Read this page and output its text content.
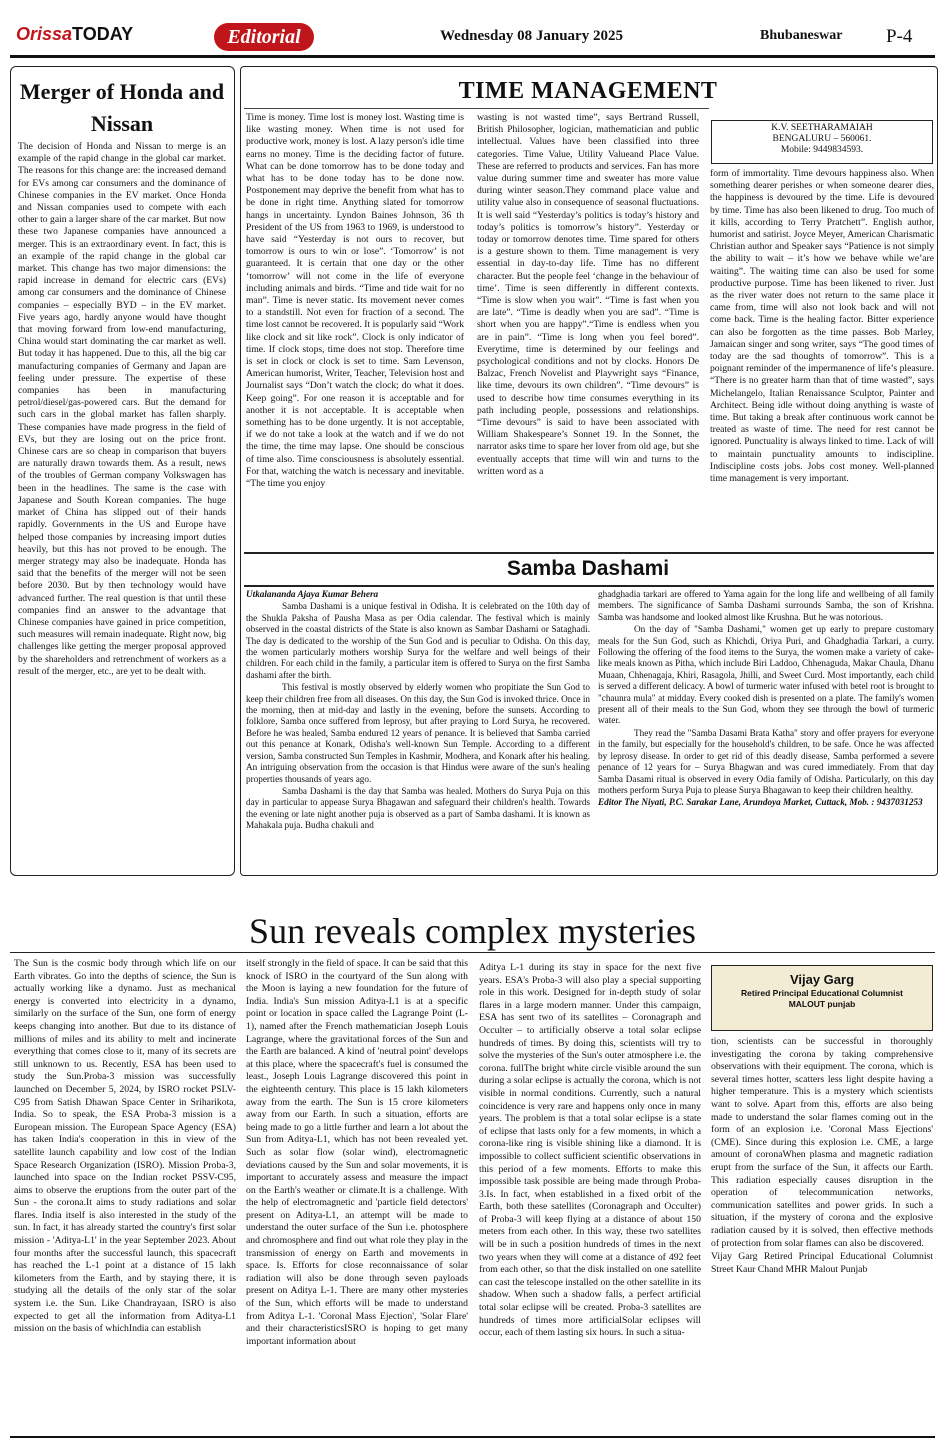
OrissaTODAY	Editorial	Wednesday 08 January 2025	Bhubaneswar P-4
Merger of Honda and Nissan

The decision of Honda and Nissan to merge is an example of the rapid change in the global car market. The reasons for this change are: the increased demand for EVs among car consumers and the dominance of Chinese companies in the EV market. Once Honda and Nissan companies used to compete with each other to gain a larger share of the car market. But now these two Japanese companies have announced a merger. This is an extraordinary event. In fact, this is an example of the rapid change in the global car market. This change has two major dimensions: the rapid increase in demand for electric cars (EVs) among car consumers and the dominance of Chinese companies – especially BYD – in the EV market. Five years ago, hardly anyone would have thought that moving forward from low-end manufacturing, China would start dominating the car market as well. But today it has happened. Due to this, all the big car manufacturing companies of Germany and Japan are feeling under pressure. The expertise of these companies has been in manufacturing petrol/diesel/gas-powered cars. But the demand for such cars in the global market has fallen sharply. These companies have made progress in the field of EVs, but they are losing out on the price front. Chinese cars are so cheap in comparison that buyers are naturally drawn towards them. As a result, news of the troubles of German company Volkswagen has been in the headlines. The same is the case with Japanese and South Korean companies. The huge market of China has slipped out of their hands rapidly. Governments in the US and Europe have helped those companies by increasing import duties heavily, but this has not proved to be enough. The merger strategy may also be inadequate. Honda has said that the benefits of the merger will not be seen before 2030. But by then technology would have advanced further. The real question is that until these companies find an answer to the advantage that Chinese companies have gained in price competition, such measures will remain inadequate. Right now, big challenges like getting the merger proposal approved by the shareholders and retrenchment of workers as a result of the merger, etc., are yet to be dealt with.

TIME MANAGEMENT
K.V. SEETHARAMAIAH
BENGALURU – 560061.
Mobile: 9449834593.

Time is money. Time lost is money lost. Wasting time is like wasting money. When time is not used for productive work, money is lost. A lazy person's idle time earns no money. Time is the deciding factor of future. What can be done tomorrow has to be done today and what has to be done today has to be done now. Postponement may deprive the benefit from what has to be done in right time. Anything slated for tomorrow hangs in uncertainty. Lyndon Baines Johnson, 36 th President of the US from 1963 to 1969, is understood to have said “Yesterday is not ours to recover, but tomorrow is ours to win or lose”. ‘Tomorrow’ is not guaranteed. It is certain that one day or the other ‘tomorrow’ will not come in the life of everyone including animals and birds. “Time and tide wait for no man”. Time is never static. Its movement never comes to a standstill. Not even for fraction of a second. The time lost cannot be recovered. It is popularly said “Work like clock and sit like rock”. Clock is only indicator of time. If clock stops, time does not stop. Therefore time is set in clock or clock is set to time. Sam Levenson, American humorist, Writer, Teacher, Television host and Journalist says “Don’t watch the clock; do what it does. Keep going”. For one reason it is acceptable and for another it is not acceptable. It is acceptable when something has to be done urgently. It is not acceptable, if we do not take a look at the watch and if we do not the time, the time may lapse. One should be conscious of time also. Time consciousness is absolutely essential. For that, watching the watch is necessary and inevitable. “The time you enjoy

wasting is not wasted time”, says Bertrand Russell, British Philosopher, logician, mathematician and public intellectual. Values have been classified into three categories. Time Value, Utility Valueand Place Value. These are referred to products and services. Fan has more value during summer time and sweater has more value during winter season.They command place value and utility value also in consequence of seasonal fluctuations. It is well said “Yesterday’s politics is today’s history and today’s politics is tomorrow’s history”. Yesterday or today or tomorrow denotes time. Time spared for others is a gesture shown to them. Time management is very essential in day-to-day life. Time has no different character. But the people feel ‘change in the behaviour of time’. Time is seen differently in different contexts. “Time is slow when you wait”. “Time is fast when you are late”. “Time is deadly when you are sad”. “Time is short when you are happy”.“Time is endless when you are in pain”. “Time is long when you feel bored”. Everytime, time is determined by our feelings and psychological conditions and not by clocks. Honors De Balzac, French Novelist and Playwright says “Finance, like time, devours its own children”. “Time devours” is used to describe how time consumes everything in its path including people, possessions and relationships. “Time devours” is said to have been associated with William Shakespeare’s Sonnet 19. In the Sonnet, the narrator asks time to spare her lover from old age, but she eventually accepts that time will win and turns to the written word as a

form of immortality. Time devours happiness also. When something dearer perishes or when someone dearer dies, the happiness is devoured by the time. Life is devoured by time. Time has also been likened to drug. Too much of it kills, according to Terry Pratchett”. English author, humorist and satirist. Joyce Meyer, American Charismatic Christian author and Speaker says “Patience is not simply the ability to wait – it’s how we behave while we’are waiting”. The waiting time can also be used for some productive purpose. Time has been likened to river. Just as the river water does not return to the same place it came from, time will also not look back and will not come back. Time is the healing factor. Bitter experience can also be forgotten as the time passes. Bob Marley, Jamaican singer and song writer, says “The good times of today are the sad thoughts of tomorrow”. This is a poignant reminder of the impermanence of life’s pleasure. “There is no greater harm than that of time wasted”, says Michelangelo, Italian Renaissance Sculptor, Painter and Architect. Being idle without doing anything is waste of time. But taking a break after continuous work cannot be treated as waste of time. The need for rest cannot be ignored. Punctuality is always linked to time. Lack of will to maintain punctuality amounts to indiscipline. Indiscipline costs jobs. Jobs cost money. Well-planned time management is very important.

Samba Dashami

Utkalananda Ajaya Kumar Behera

Samba Dashami is a unique festival in Odisha. It is celebrated on the 10th day of the Shukla Paksha of Pausha Masa as per Odia calendar. The festival which is mainly observed in the coastal districts of the State is also known as Sambar Dashami or Sataghadi. The day is dedicated to the worship of the Sun God and is peculiar to Odisha. On this day, the women particularly mothers worship Surya for the welfare and well beings of their children. For each child in the family, a particular item is offered to Surya on the first Samba dashami after the birth.

This festival is mostly observed by elderly women who propitiate the Sun God to keep their children free from all diseases. On this day, the Sun God is invoked thrice. Once in the morning, then at mid-day and lastly in the evening, before the sunsets. According to folklore, Samba once suffered from leprosy, but after praying to Lord Surya, he recovered. Before he was healed, Samba endured 12 years of penance. It is believed that Samba carried out this penance at Konark, Odisha's well-known Sun Temple. According to a different version, Samba constructed Sun Temples in Kashmir, Modhera, and Konark after his healing. An intriguing observation from the occasion is that Hindus were aware of the sun's healing properties thousands of years ago.

Samba Dashami is the day that Samba was healed. Mothers do Surya Puja on this day in particular to appease Surya Bhagawan and safeguard their children's health. Towards the evening or late night another puja is observed as a part of Samba dashami. It is known as Mahakala puja. Budha chakuli and

ghadghadia tarkari are offered to Yama again for the long life and wellbeing of all family members. The significance of Samba Dashami surrounds Samba, the son of Krishna. Samba was handsome and looked almost like Krushna. But he was notorious.

On the day of "Samba Dashami," women get up early to prepare customary meals for the Sun God, such as Khichdi, Oriya Puri, and Ghadghadia Tarkari, a curry. Following the offering of the food items to the Surya, the women make a variety of cake-like meals known as Pitha, which include Biri Laddoo, Chhenaguda, Makar Chaula, Dhanu Muaan, Chhenagaja, Khiri, Rasagola, Jhilli, and Sweet Curd. Most importantly, each child is served a different delicacy. A bowl of turmeric water infused with betel root is brought to "chaunra mula" at midday. Every cooked dish is presented on a plate. The family's women present all of their meals to the Sun God, whom they see through the bowl of turmeric water.

They read the "Samba Dasami Brata Katha" story and offer prayers for everyone in the family, but especially for the household's children, to be safe. Once he was affected by leprosy disease. In order to get rid of this deadly disease, Samba performed a severe penance of 12 years for – Surya Bhagwan and was cured immediately. From that day Samba Dasami ritual is observed in every Odia family of Odisha. Particularly, on this day mothers perform Surya Puja to please Surya Bhagawan to keep their children healthy.

Editor The Niyati, P.C. Sarakar Lane, Arundoya Market, Cuttack, Mob. : 9437031253

Sun reveals complex mysteries

The Sun is the cosmic body through which life on our Earth vibrates. Go into the depths of science, the Sun is actually working like a dynamo. Just as mechanical energy is converted into electricity in a dynamo, similarly on the surface of the Sun, one form of energy keeps changing into another. But due to its distance of millions of miles and its ability to melt and incinerate everything that comes close to it, many of its secrets are still unknown to us. Recently, ESA has been used to study the Sun.Proba-3 mission was successfully launched on December 5, 2024, by ISRO rocket PSLV-C95 from Satish Dhawan Space Center in Sriharikota, India. So to speak, the ESA Proba-3 mission is a European mission. The European Space Agency (ESA) has taken India's cooperation in this in view of the satellite launch capability and low cost of the Indian Space Research Organization (ISRO). Mission Proba-3, launched into space on the Indian rocket PSSV-C95, aims to observe the eruptions from the outer part of the Sun - the corona.It aims to study radiations and solar flares. India itself is also interested in the study of the sun. In fact, it has already started the country's first solar mission - 'Aditya-L1' in the year September 2023. About four months after the successful launch, this spacecraft has reached the L-1 point at a distance of 15 lakh kilometers from the Earth, and by staying there, it is studying all the details of the only star of the solar system i.e. the Sun. Like Chandrayaan, ISRO is also expected to get all the information from Aditya-L1 mission on the basis of whichIndia can establish

itself strongly in the field of space. It can be said that this knock of ISRO in the courtyard of the Sun along with the Moon is laying a new foundation for the future of India. India's Sun mission Aditya-L1 is at a specific point or location in space called the Lagrange Point (L-1), named after the French mathematician Joseph Louis Lagrange, where the gravitational forces of the Sun and the Earth are balanced. A kind of 'neutral point' develops at this place, where the spacecraft's fuel is consumed the least., Joseph Louis Lagrange discovered this point in the eighteenth century. This place is 15 lakh kilometers away from the earth. The Sun is 15 crore kilometers away from our Earth. In such a situation, efforts are being made to go a little further and learn a lot about the Sun from Aditya-L1, which has not been revealed yet. Such as solar flow (solar wind), electromagnetic deviations caused by the Sun and solar movements, it is important to accurately assess and measure the impact on the Earth's weather or climate.It is a challenge. With the help of electromagnetic and 'particle field detectors' present on Aditya-L1, an attempt will be made to understand the outer surface of the Sun i.e. photosphere and chromosphere and find out what role they play in the transmission of energy on Earth and movements in space. Is. Efforts for close reconnaissance of solar radiation will also be done through seven payloads present on Aditya L-1. There are many other mysteries of the Sun, which efforts will be made to understand from Aditya L-1. 'Coronal Mass Ejection', 'Solar Flare' and their characteristicsISRO is hoping to get many important information about

Aditya L-1 during its stay in space for the next five years. ESA's Proba-3 will also play a special supporting role in this work. Designed for in-depth study of solar flares in a large modern manner. Under this campaign, ESA has sent two of its satellites – Coronagraph and Occulter – to artificially observe a total solar eclipse hundreds of times. By doing this, scientists will try to solve the mysteries of the Sun's outer atmosphere i.e. the corona. fullThe bright white circle visible around the sun during a solar eclipse is actually the corona, which is not visible in normal conditions. Currently, such a natural coincidence is very rare and happens only once in many years. The problem is that a total solar eclipse is a state of eclipse that lasts only for a few moments, in which a corona-like ring is visible shining like a diamond. It is impossible to collect sufficient scientific observations in this period of a few moments. Efforts to make this impossible task possible are being made through Proba-3.Is. In fact, when established in a fixed orbit of the Earth, both these satellites (Coronagraph and Occulter) of Proba-3 will keep flying at a distance of about 150 meters from each other. In this way, these two satellites will be in such a position hundreds of times in the next two years when they will come at a distance of 492 feet from each other, so that the disk installed on one satellite can cast the telescope installed on the other satellite in its shadow. When such a shadow falls, a perfect artificial total solar eclipse will be created. Proba-3 satellites are hundreds of times more artificialSolar eclipses will occur, each of them lasting six hours. In such a situa-

Vijay Garg
Retired Principal Educational Columnist
MALOUT punjab

tion, scientists can be successful in thoroughly investigating the corona by taking comprehensive observations with their equipment. The corona, which is several times hotter, scatters less light despite having a higher temperature. This is a mystery which scientists want to solve. Apart from this, efforts are also being made to understand the solar flames coming out in the form of an explosion i.e. 'Coronal Mass Ejections' (CME). Since during this explosion i.e. CME, a large amount of coronaWhen plasma and magnetic radiation erupt from the surface of the Sun, it affects our Earth. This radiation especially causes disruption in the operation of telecommunication networks, communication satellites and power grids. In such a situation, if the mystery of corona and the explosive radiation caused by it is solved, then effective methods of protection from solar flames can also be discovered.

Vijay Garg Retired Principal Educational Columnist Street Kaur Chand MHR Malout Punjab
